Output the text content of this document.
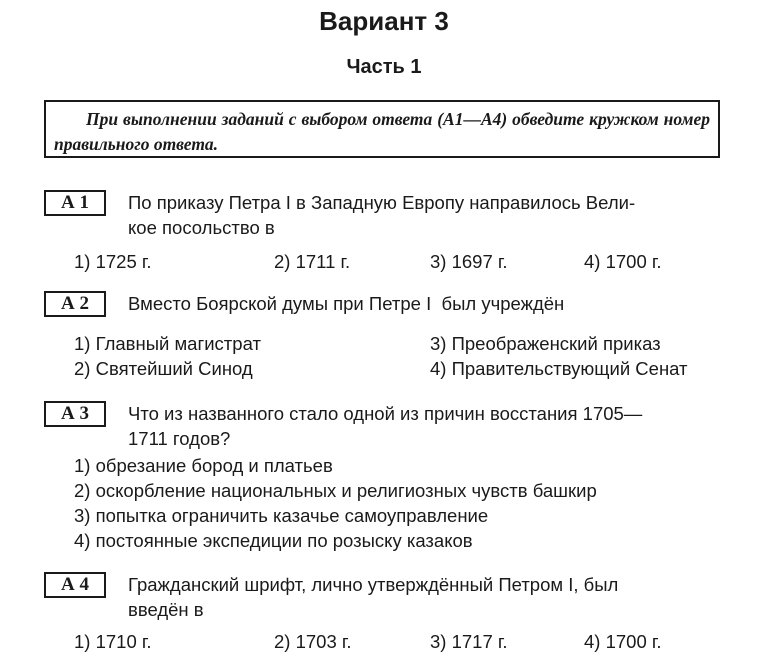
Вариант 3
Часть 1
При выполнении заданий с выбором ответа (А1—А4) обведите кружком номер правильного ответа.
А 1	По приказу Петра I в Западную Европу направилось Вели-
кое посольство в
1) 1725 г.	2) 1711 г.	3) 1697 г.	4) 1700 г.
А 2	Вместо Боярской думы при Петре I  был учреждён
1) Главный магистрат
2) Святейший Синод
3) Преображенский приказ
4) Правительствующий Сенат
А 3	Что из названного стало одной из причин восстания 1705—
1711 годов?
1) обрезание бород и платьев
2) оскорбление национальных и религиозных чувств башкир
3) попытка ограничить казачье самоуправление
4) постоянные экспедиции по розыску казаков
А 4	Гражданский шрифт, лично утверждённый Петром I, был
введён в
1) 1710 г.	2) 1703 г.	3) 1717 г.	4) 1700 г.
